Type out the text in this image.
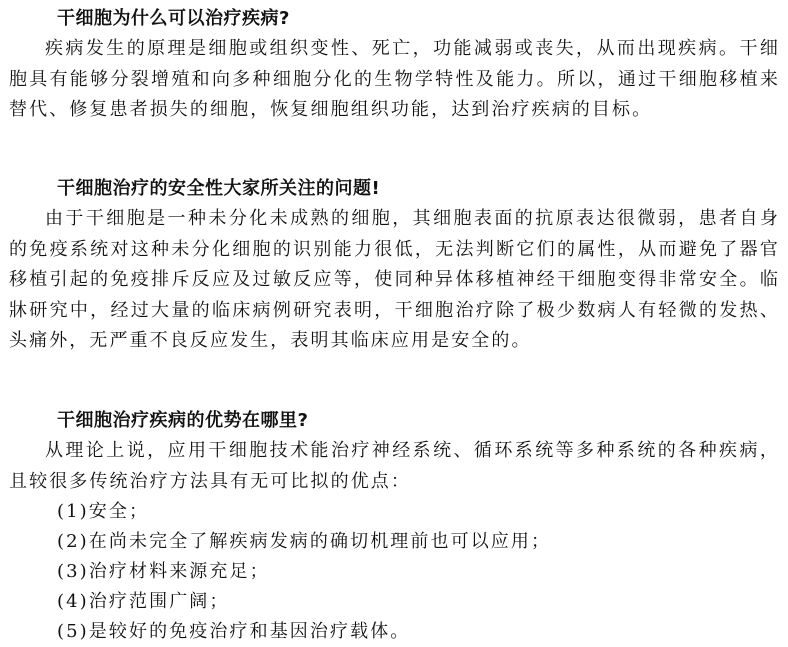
干细胞为什么可以治疗疾病?

疾病发生的原理是细胞或组织变性、死亡，功能减弱或丧失，从而出现疾病。干细胞具有能够分裂增殖和向多种细胞分化的生物学特性及能力。所以，通过干细胞移植来替代、修复患者损失的细胞，恢复细胞组织功能，达到治疗疾病的目标。

干细胞治疗的安全性大家所关注的问题!

由于干细胞是一种未分化未成熟的细胞，其细胞表面的抗原表达很微弱，患者自身的免疫系统对这种未分化细胞的识别能力很低，无法判断它们的属性，从而避免了器官移植引起的免疫排斥反应及过敏反应等，使同种异体移植神经干细胞变得非常安全。临牀研究中，经过大量的临床病例研究表明，干细胞治疗除了极少数病人有轻微的发热、头痛外，无严重不良反应发生，表明其临床应用是安全的。

干细胞治疗疾病的优势在哪里?

从理论上说，应用干细胞技术能治疗神经系统、循环系统等多种系统的各种疾病，且较很多传统治疗方法具有无可比拟的优点：

(1)安全；
(2)在尚未完全了解疾病发病的确切机理前也可以应用；
(3)治疗材料来源充足；
(4)治疗范围广阔；
(5)是较好的免疫治疗和基因治疗载体。
